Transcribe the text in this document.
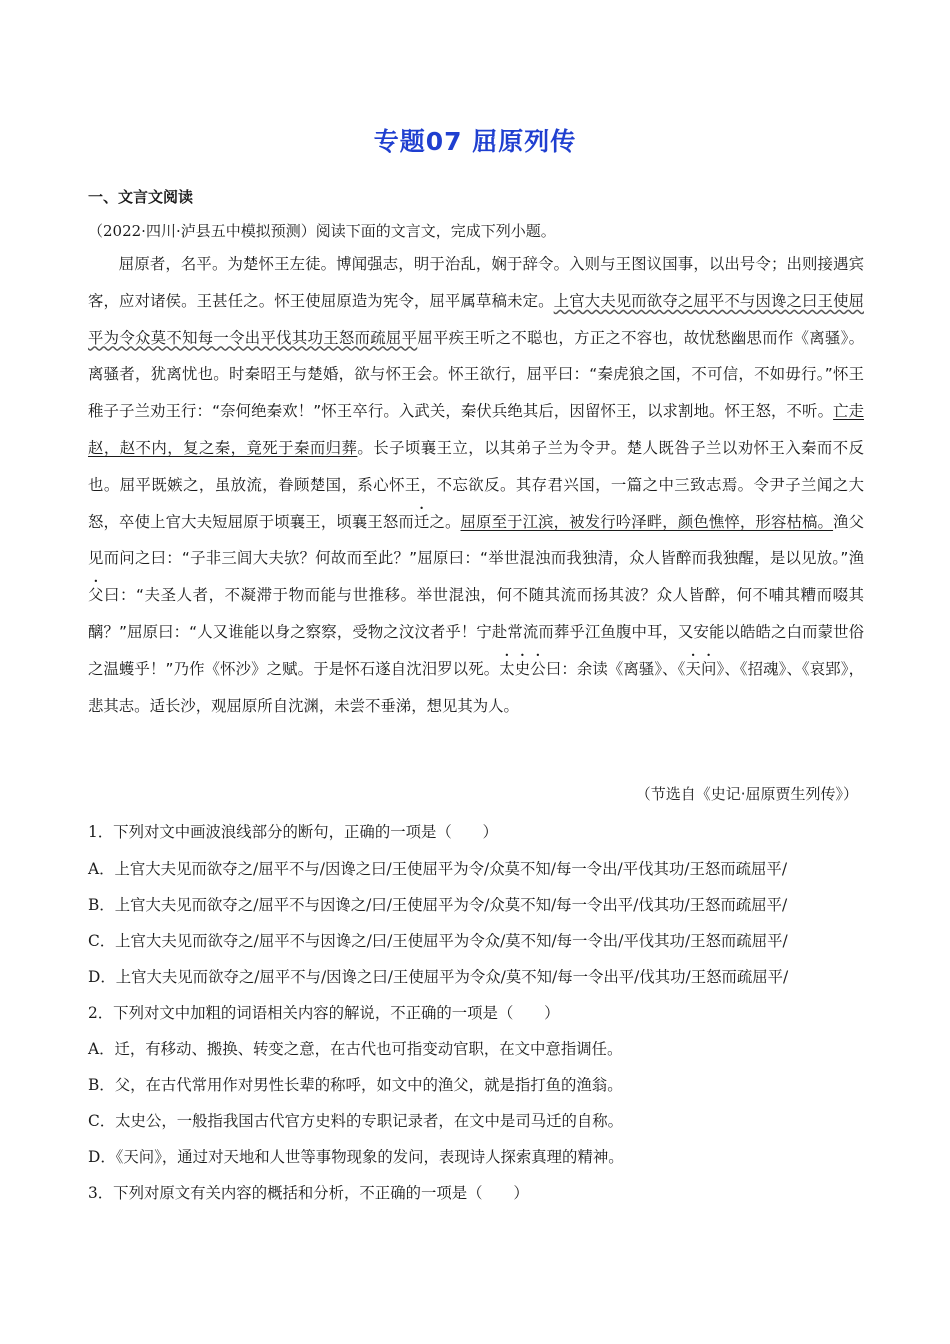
专题07 屈原列传
一、文言文阅读
（2022·四川·泸县五中模拟预测）阅读下面的文言文，完成下列小题。

屈原者，名平。为楚怀王左徒。博闻强志，明于治乱，娴于辞令。入则与王图议国事，以出号令；出则接遇宾客，应对诸侯。王甚任之。怀王使屈原造为宪令，屈平属草稿未定。上官大夫见而欲夺之屈平不与因谗之曰王使屈平为令众莫不知每一令出平伐其功王怒而疏屈平屈平疾王听之不聪也，方正之不容也，故忧愁幽思而作《离骚》。离骚者，犹离忧也。时秦昭王与楚婚，欲与怀王会。怀王欲行，屈平曰：“秦虎狼之国，不可信，不如毋行。”怀王稚子子兰劝王行：“奈何绝秦欢！”怀王卒行。入武关，秦伏兵绝其后，因留怀王，以求割地。怀王怒，不听。亡走赵，赵不内，复之秦，竟死于秦而归葬。长子顷襄王立，以其弟子兰为令尹。楚人既咎子兰以劝怀王入秦而不反也。屈平既嫉之，虽放流，眷顾楚国，系心怀王，不忘欲反。其存君兴国，一篇之中三致志焉。令尹子兰闻之大怒，卒使上官大夫短屈原于顷襄王，顷襄王怒而迁之。屈原至于江滨，被发行吟泽畔，颜色憔悴，形容枯槁。渔父见而问之曰：“子非三闾大夫欤？何故而至此？”屈原曰：“举世混浊而我独清，众人皆醉而我独醒，是以见放。”渔父曰：“夫圣人者，不凝滞于物而能与世推移。举世混浊，何不随其流而扬其波？众人皆醉，何不哺其糟而啜其醨？”屈原曰：“人又谁能以身之察察，受物之汶汶者乎！宁赴常流而葬乎江鱼腹中耳，又安能以皓皓之白而蒙世俗之温蠖乎！”乃作《怀沙》之赋。于是怀石遂自沈汨罗以死。太史公曰：余读《离骚》、《天问》、《招魂》、《哀郢》，悲其志。适长沙，观屈原所自沈渊，未尝不垂涕，想见其为人。

（节选自《史记·屈原贾生列传》）
1．下列对文中画波浪线部分的断句，正确的一项是（　　）
A．上官大夫见而欲夺之/屈平不与/因谗之曰/王使屈平为令/众莫不知/每一令出/平伐其功/王怒而疏屈平/
B．上官大夫见而欲夺之/屈平不与因谗之/曰/王使屈平为令/众莫不知/每一令出平/伐其功/王怒而疏屈平/
C．上官大夫见而欲夺之/屈平不与因谗之/曰/王使屈平为令众/莫不知/每一令出/平伐其功/王怒而疏屈平/
D．上官大夫见而欲夺之/屈平不与/因谗之曰/王使屈平为令众/莫不知/每一令出平/伐其功/王怒而疏屈平/
2．下列对文中加粗的词语相关内容的解说，不正确的一项是（　　）
A．迁，有移动、搬换、转变之意，在古代也可指变动官职，在文中意指调任。
B．父，在古代常用作对男性长辈的称呼，如文中的渔父，就是指打鱼的渔翁。
C．太史公，一般指我国古代官方史料的专职记录者，在文中是司马迁的自称。
D．《天问》，通过对天地和人世等事物现象的发问，表现诗人探索真理的精神。
3．下列对原文有关内容的概括和分析，不正确的一项是（　　）
